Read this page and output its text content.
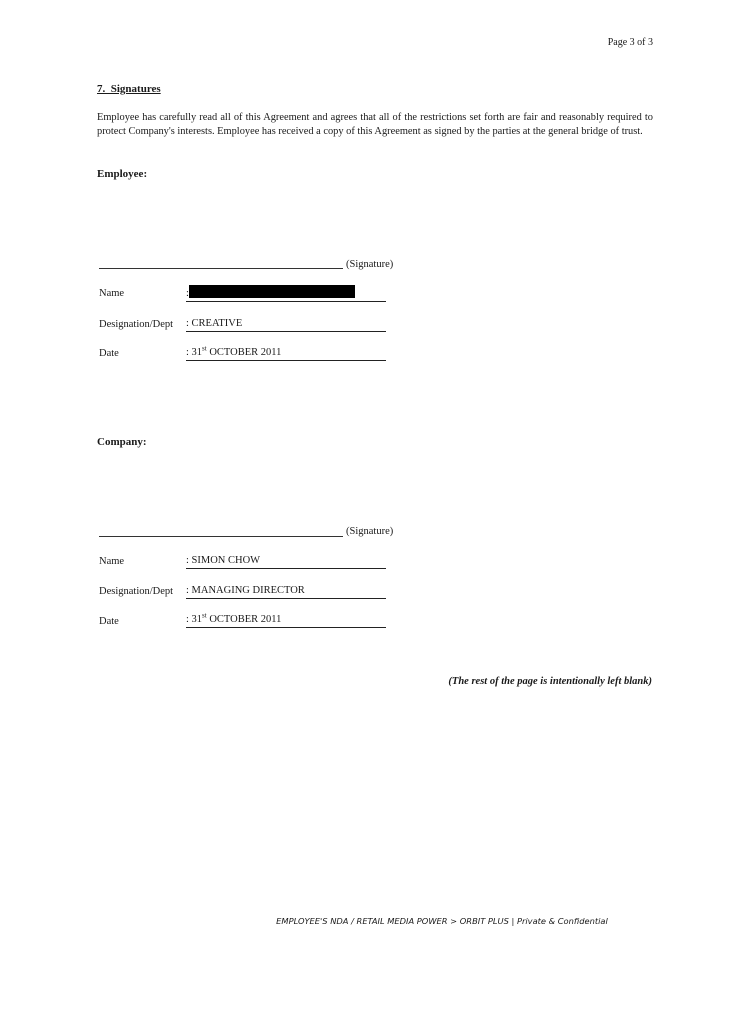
Page 3 of 3
7.  Signatures
Employee has carefully read all of this Agreement and agrees that all of the restrictions set forth are fair and reasonably required to protect Company's interests. Employee has received a copy of this Agreement as signed by the parties at the general bridge of trust.
Employee:
(Signature)
Name	:
Designation/Dept : CREATIVE
Date	: 31st OCTOBER 2011
Company:
(Signature)
Name	: SIMON CHOW
Designation/Dept : MANAGING DIRECTOR
Date	: 31st OCTOBER 2011
(The rest of the page is intentionally left blank)
EMPLOYEE'S NDA / RETAIL MEDIA POWER > ORBIT PLUS | Private & Confidential
